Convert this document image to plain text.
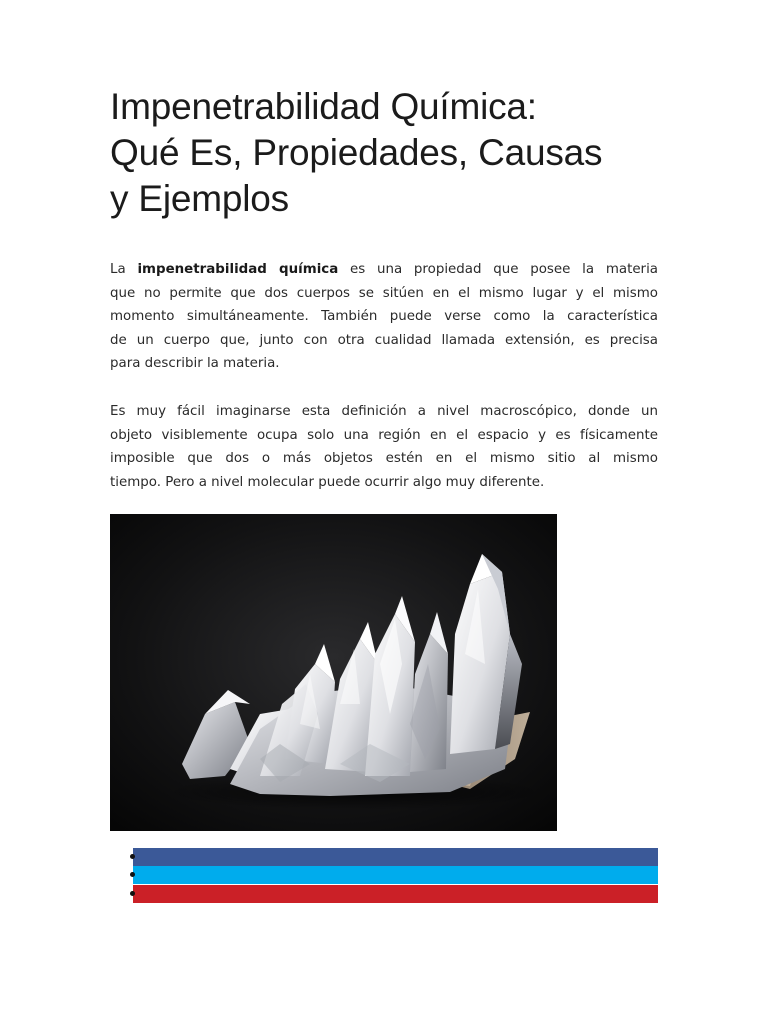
Impenetrabilidad Química:
Qué Es, Propiedades, Causas
y Ejemplos

La impenetrabilidad química es una propiedad que posee la materia
que no permite que dos cuerpos se sitúen en el mismo lugar y el mismo
momento simultáneamente. También puede verse como la característica
de un cuerpo que, junto con otra cualidad llamada extensión, es precisa
para describir la materia.

Es muy fácil imaginarse esta definición a nivel macroscópico, donde un
objeto visiblemente ocupa solo una región en el espacio y es físicamente
imposible que dos o más objetos estén en el mismo sitio al mismo
tiempo. Pero a nivel molecular puede ocurrir algo muy diferente.
